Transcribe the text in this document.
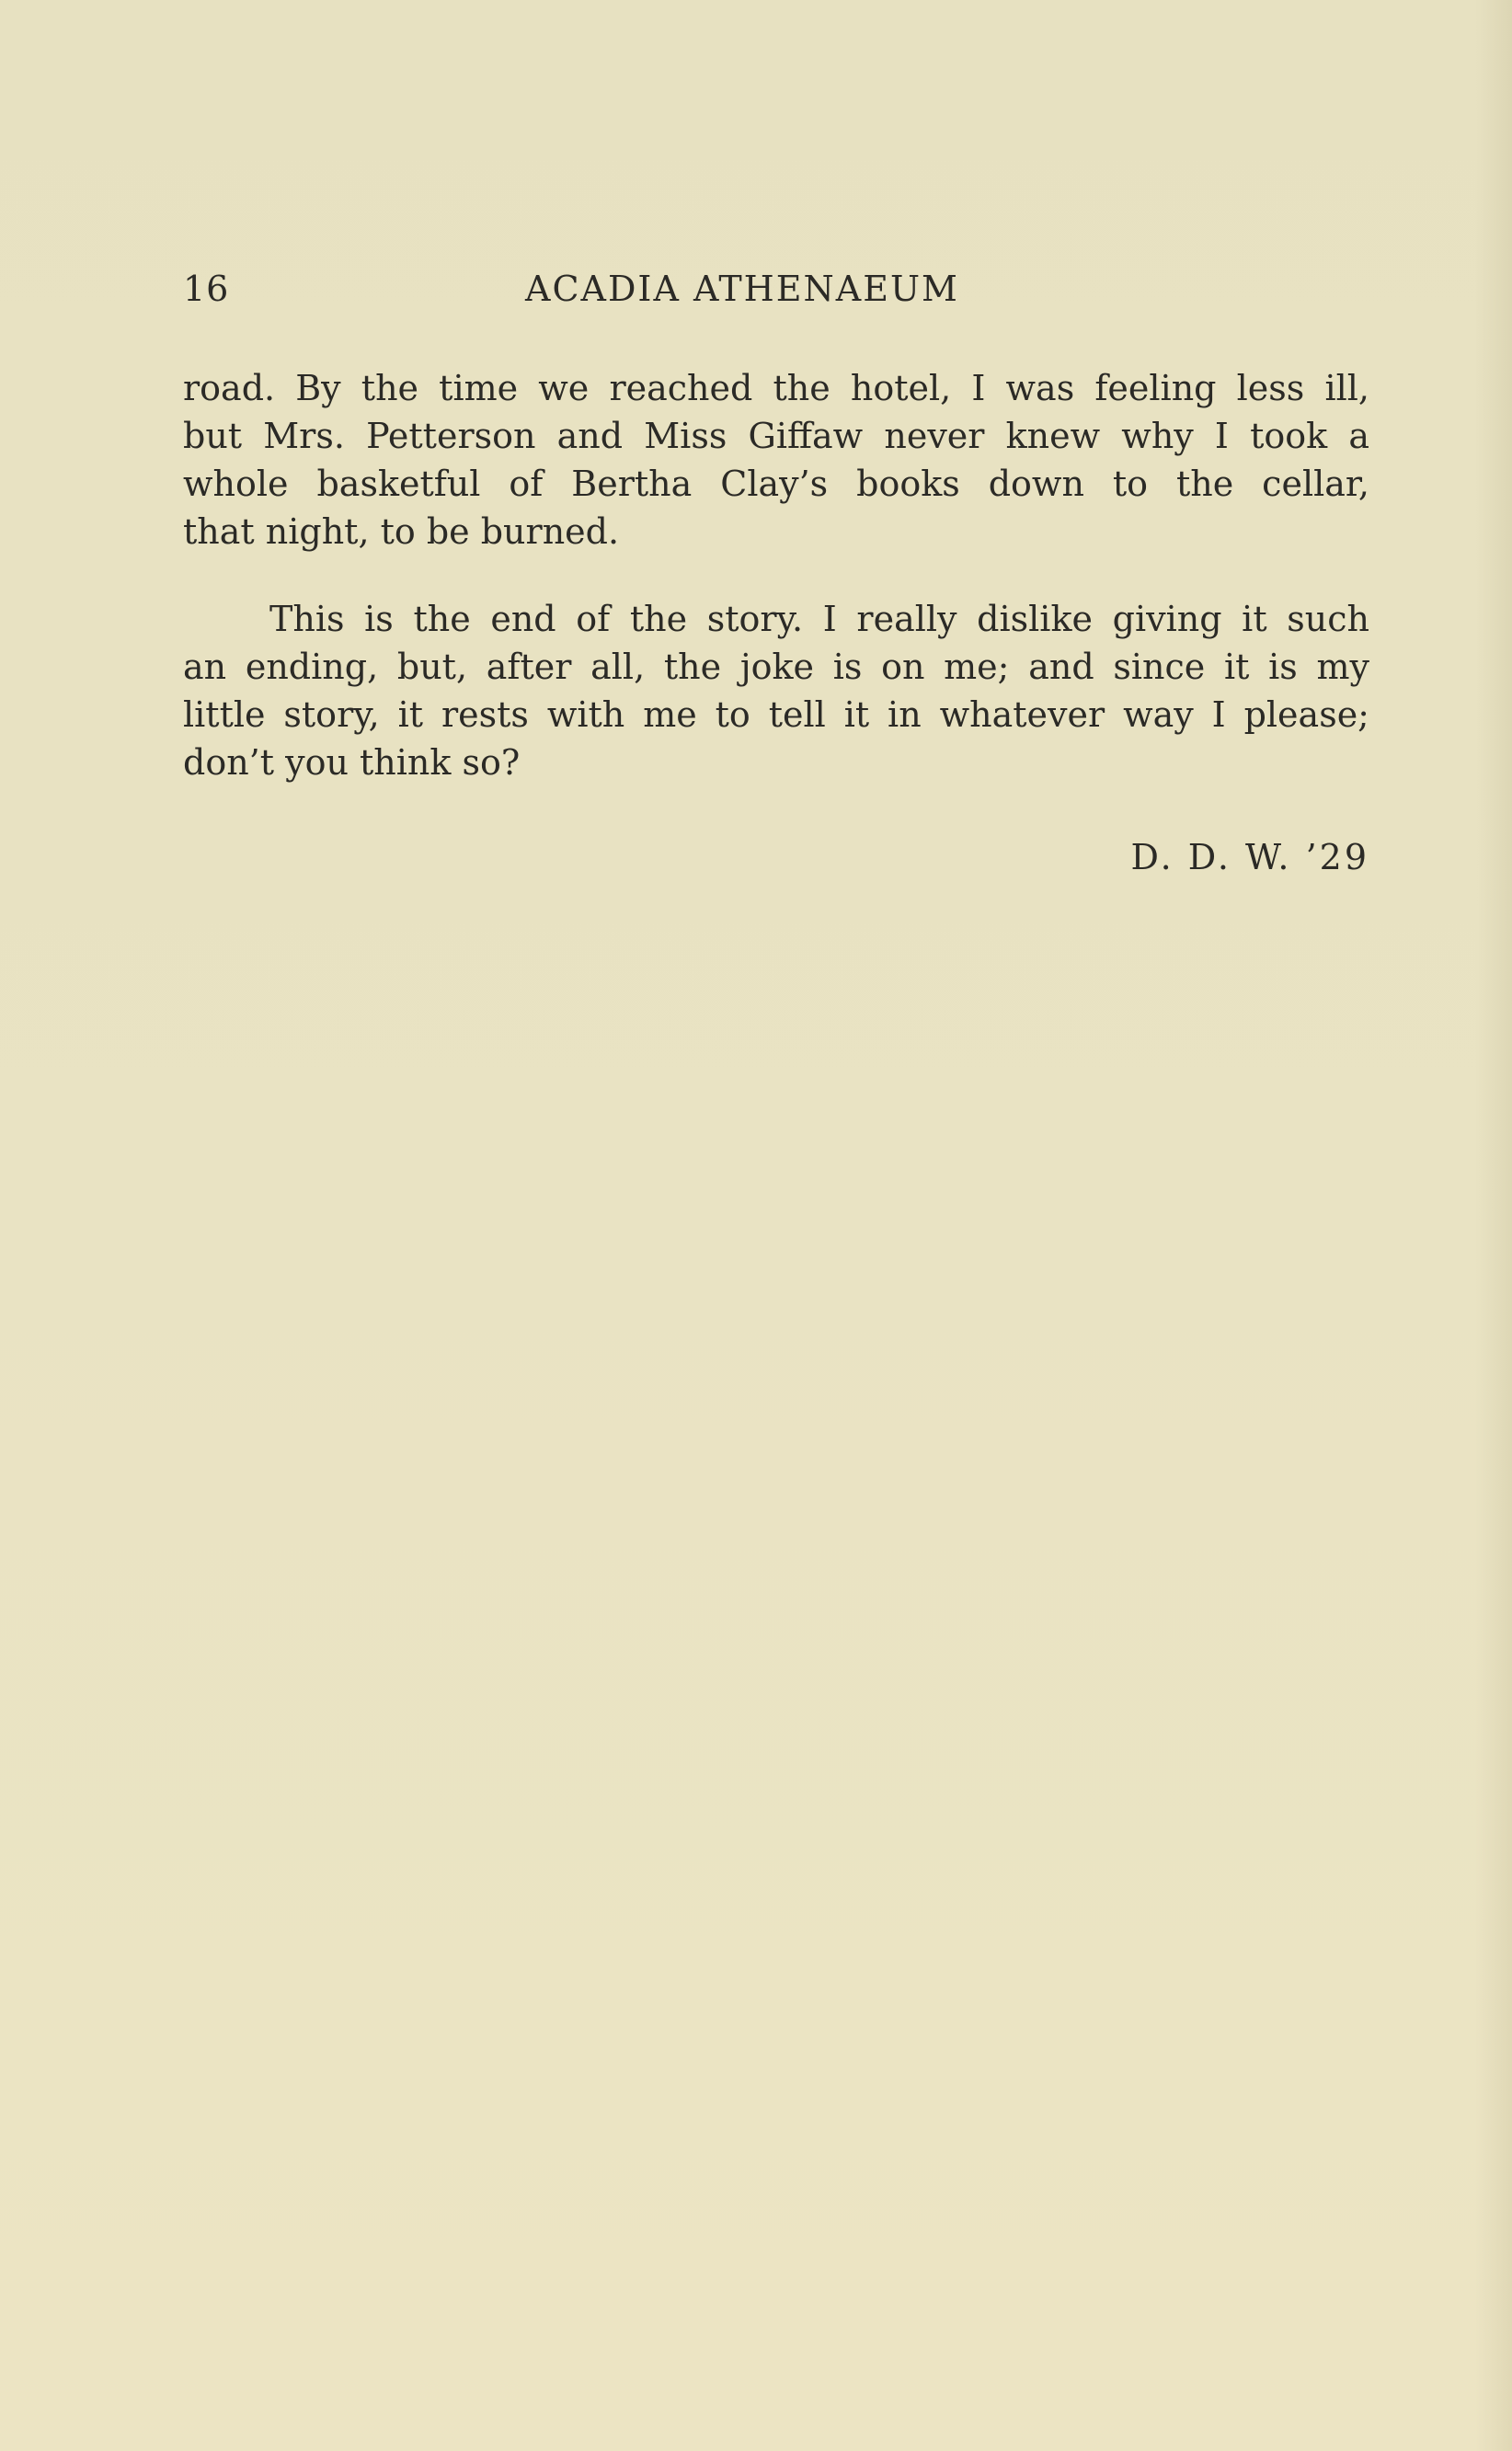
16	ACADIA ATHENAEUM

road. By the time we reached the hotel, I was feeling less ill,
but Mrs. Petterson and Miss Giffaw never knew why I took a
whole basketful of Bertha Clay’s books down to the cellar,
that night, to be burned.

This is the end of the story. I really dislike giving it such
an ending, but, after all, the joke is on me; and since it is my
little story, it rests with me to tell it in whatever way I please;
don’t you think so?

D. D. W. ’29
